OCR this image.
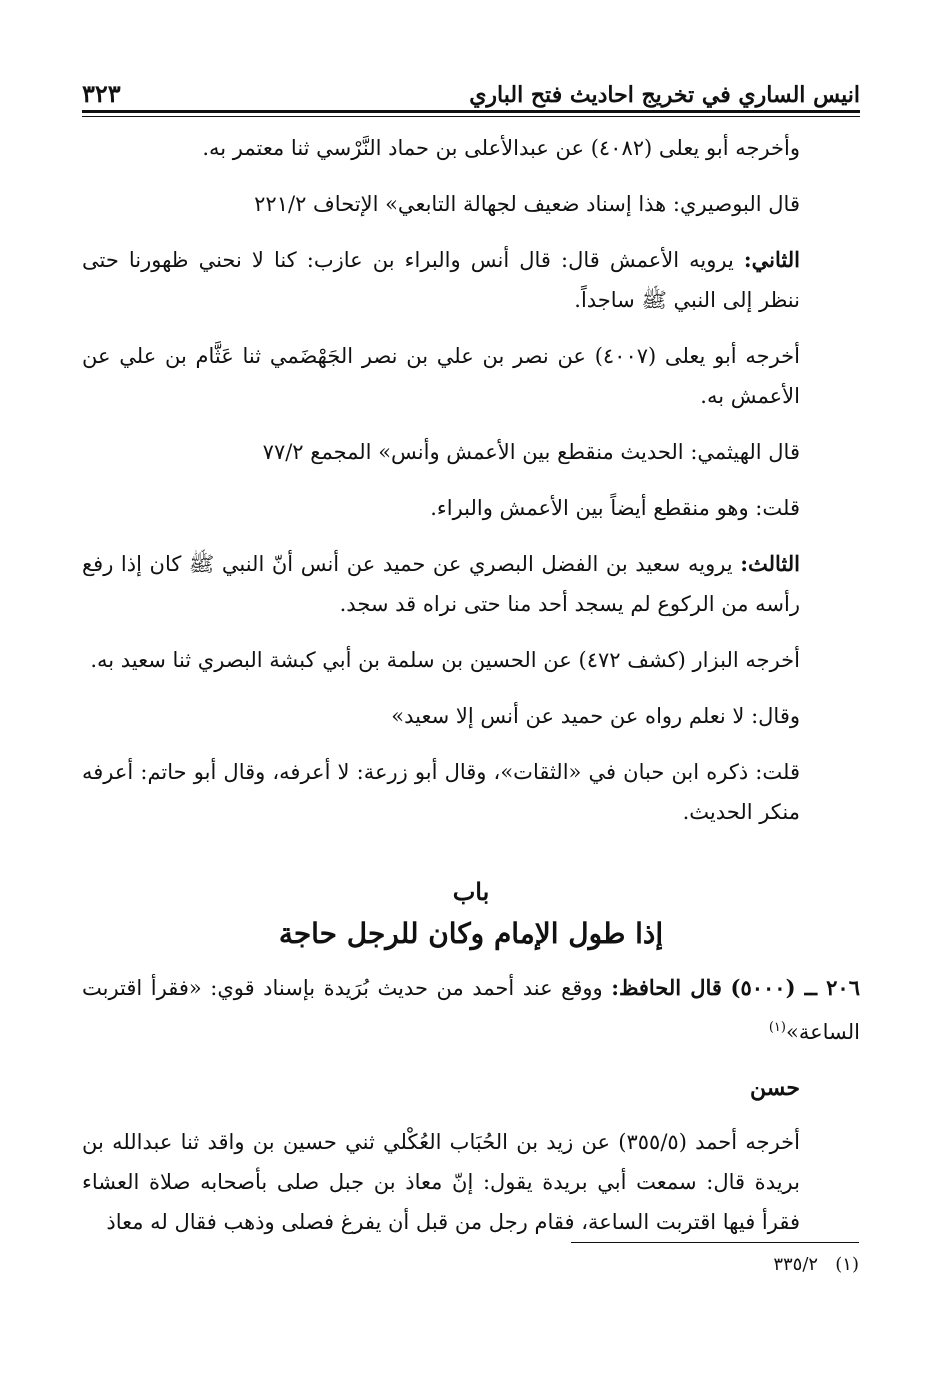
انيس الساري في تخريج احاديث فتح الباري
٣٢٣

وأخرجه أبو يعلى (٤٠٨٢) عن عبدالأعلى بن حماد النَّرْسي ثنا معتمر به.

قال البوصيري: هذا إسناد ضعيف لجهالة التابعي» الإتحاف ٢٢١/٢

الثاني: يرويه الأعمش قال: قال أنس والبراء بن عازب: كنا لا نحني ظهورنا حتى ننظر إلى النبي ﷺ ساجداً.

أخرجه أبو يعلى (٤٠٠٧) عن نصر بن علي بن نصر الجَهْضَمي ثنا عَثَّام بن علي عن الأعمش به.

قال الهيثمي: الحديث منقطع بين الأعمش وأنس» المجمع ٧٧/٢

قلت: وهو منقطع أيضاً بين الأعمش والبراء.

الثالث: يرويه سعيد بن الفضل البصري عن حميد عن أنس أنّ النبي ﷺ كان إذا رفع رأسه من الركوع لم يسجد أحد منا حتى نراه قد سجد.

أخرجه البزار (كشف ٤٧٢) عن الحسين بن سلمة بن أبي كبشة البصري ثنا سعيد به.

وقال: لا نعلم رواه عن حميد عن أنس إلا سعيد»

قلت: ذكره ابن حبان في «الثقات»، وقال أبو زرعة: لا أعرفه، وقال أبو حاتم: أعرفه منكر الحديث.

باب
إذا طول الإمام وكان للرجل حاجة

٢٠٦ ــ (٥٠٠٠) قال الحافظ: ووقع عند أحمد من حديث بُرَيدة بإسناد قوي: «فقرأ اقتربت الساعة»$^{(١)}$

حسن

أخرجه أحمد (٣٥٥/٥) عن زيد بن الحُبَاب العُكْلي ثني حسين بن واقد ثنا عبدالله بن بريدة قال: سمعت أبي بريدة يقول: إنّ معاذ بن جبل صلى بأصحابه صلاة العشاء فقرأ فيها اقتربت الساعة، فقام رجل من قبل أن يفرغ فصلى وذهب فقال له معاذ

(١)   ٣٣٥/٢
